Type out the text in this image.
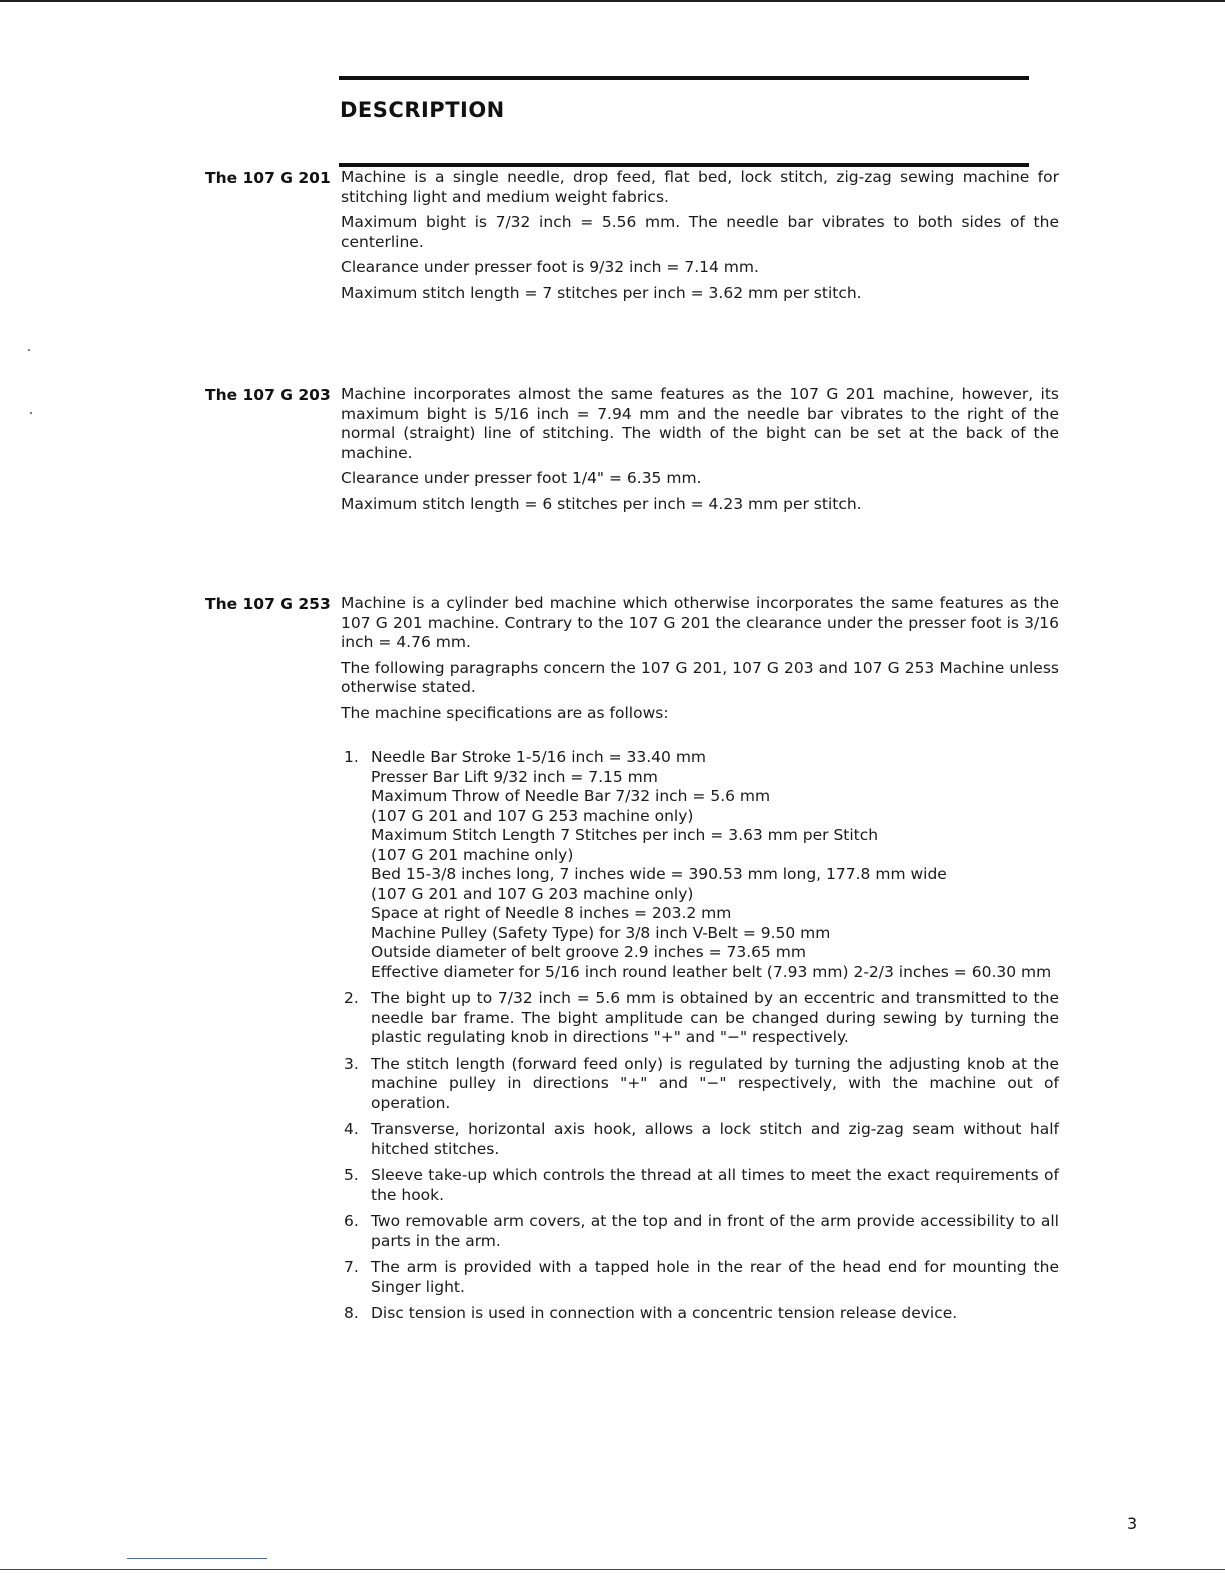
DESCRIPTION
The 107 G 201 Machine is a single needle, drop feed, flat bed, lock stitch, zig-zag sewing machine for stitching light and medium weight fabrics.

Maximum bight is 7/32 inch = 5.56 mm. The needle bar vibrates to both sides of the centerline.

Clearance under presser foot is 9/32 inch = 7.14 mm.

Maximum stitch length = 7 stitches per inch = 3.62 mm per stitch.

The 107 G 203 Machine incorporates almost the same features as the 107 G 201 machine, however, its maximum bight is 5/16 inch = 7.94 mm and the needle bar vibrates to the right of the normal (straight) line of stitching. The width of the bight can be set at the back of the machine.

Clearance under presser foot 1/4" = 6.35 mm.

Maximum stitch length = 6 stitches per inch = 4.23 mm per stitch.

The 107 G 253 Machine is a cylinder bed machine which otherwise incorporates the same features as the 107 G 201 machine. Contrary to the 107 G 201 the clearance under the presser foot is 3/16 inch = 4.76 mm.

The following paragraphs concern the 107 G 201, 107 G 203 and 107 G 253 Machine unless otherwise stated.

The machine specifications are as follows:

1. Needle Bar Stroke 1-5/16 inch = 33.40 mm
Presser Bar Lift 9/32 inch = 7.15 mm
Maximum Throw of Needle Bar 7/32 inch = 5.6 mm
(107 G 201 and 107 G 253 machine only)
Maximum Stitch Length 7 Stitches per inch = 3.63 mm per Stitch
(107 G 201 machine only)
Bed 15-3/8 inches long, 7 inches wide = 390.53 mm long, 177.8 mm wide
(107 G 201 and 107 G 203 machine only)
Space at right of Needle 8 inches = 203.2 mm
Machine Pulley (Safety Type) for 3/8 inch V-Belt = 9.50 mm
Outside diameter of belt groove 2.9 inches = 73.65 mm
Effective diameter for 5/16 inch round leather belt (7.93 mm) 2-2/3 inches = 60.30 mm
2. The bight up to 7/32 inch = 5.6 mm is obtained by an eccentric and transmitted to the needle bar frame. The bight amplitude can be changed during sewing by turning the plastic regulating knob in directions "+" and "−" respectively.

3. The stitch length (forward feed only) is regulated by turning the adjusting knob at the machine pulley in directions "+" and "−" respectively, with the machine out of operation.

4. Transverse, horizontal axis hook, allows a lock stitch and zig-zag seam without half hitched stitches.

5. Sleeve take-up which controls the thread at all times to meet the exact requirements of the hook.

6. Two removable arm covers, at the top and in front of the arm provide accessibility to all parts in the arm.

7. The arm is provided with a tapped hole in the rear of the head end for mounting the Singer light.

8. Disc tension is used in connection with a concentric tension release device.

3
